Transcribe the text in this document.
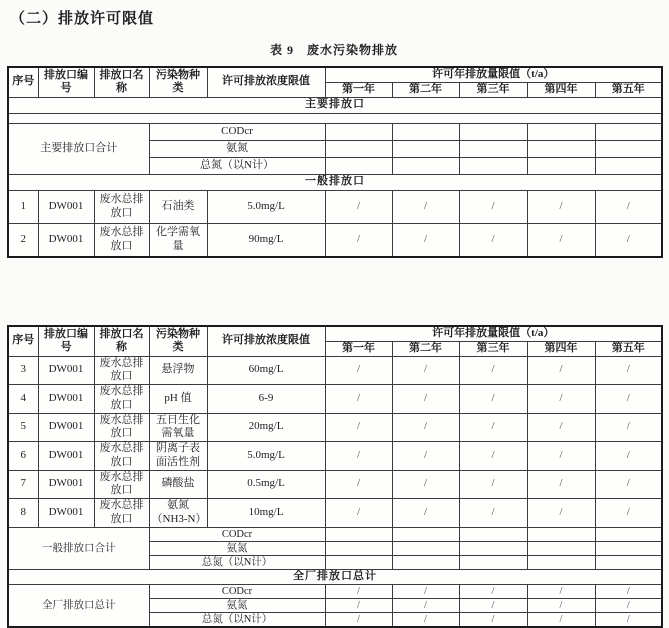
（二）排放许可限值
表 9　废水污染物排放
序号	排放口编号	排放口名称	污染物种类	许可排放浓度限值	许可年排放量限值（t/a）				
					第一年	第二年	第三年	第四年	第五年
主要排放口									

主要排放口合计			CODcr						
			氨氮						
			总氮（以N计）						
一般排放口									
1	DW001	废水总排放口	石油类	5.0mg/L	/	/	/	/	/
2	DW001	废水总排放口	化学需氧量	90mg/L	/	/	/	/	/
序号	排放口编号	排放口名称	污染物种类	许可排放浓度限值	许可年排放量限值（t/a）				
					第一年	第二年	第三年	第四年	第五年
3	DW001	废水总排放口	悬浮物	60mg/L	/	/	/	/	/
4	DW001	废水总排放口	pH 值	6-9	/	/	/	/	/
5	DW001	废水总排放口	五日生化需氧量	20mg/L	/	/	/	/	/
6	DW001	废水总排放口	阴离子表面活性剂	5.0mg/L	/	/	/	/	/
7	DW001	废水总排放口	磷酸盐	0.5mg/L	/	/	/	/	/
8	DW001	废水总排放口	氨氮（NH3-N）	10mg/L	/	/	/	/	/
一般排放口合计			CODcr						
			氨氮						
			总氮（以N计）						
全厂排放口总计									
全厂排放口总计			CODcr		/	/	/	/	/
			氨氮		/	/	/	/	/
			总氮（以N计）		/	/	/	/	/
